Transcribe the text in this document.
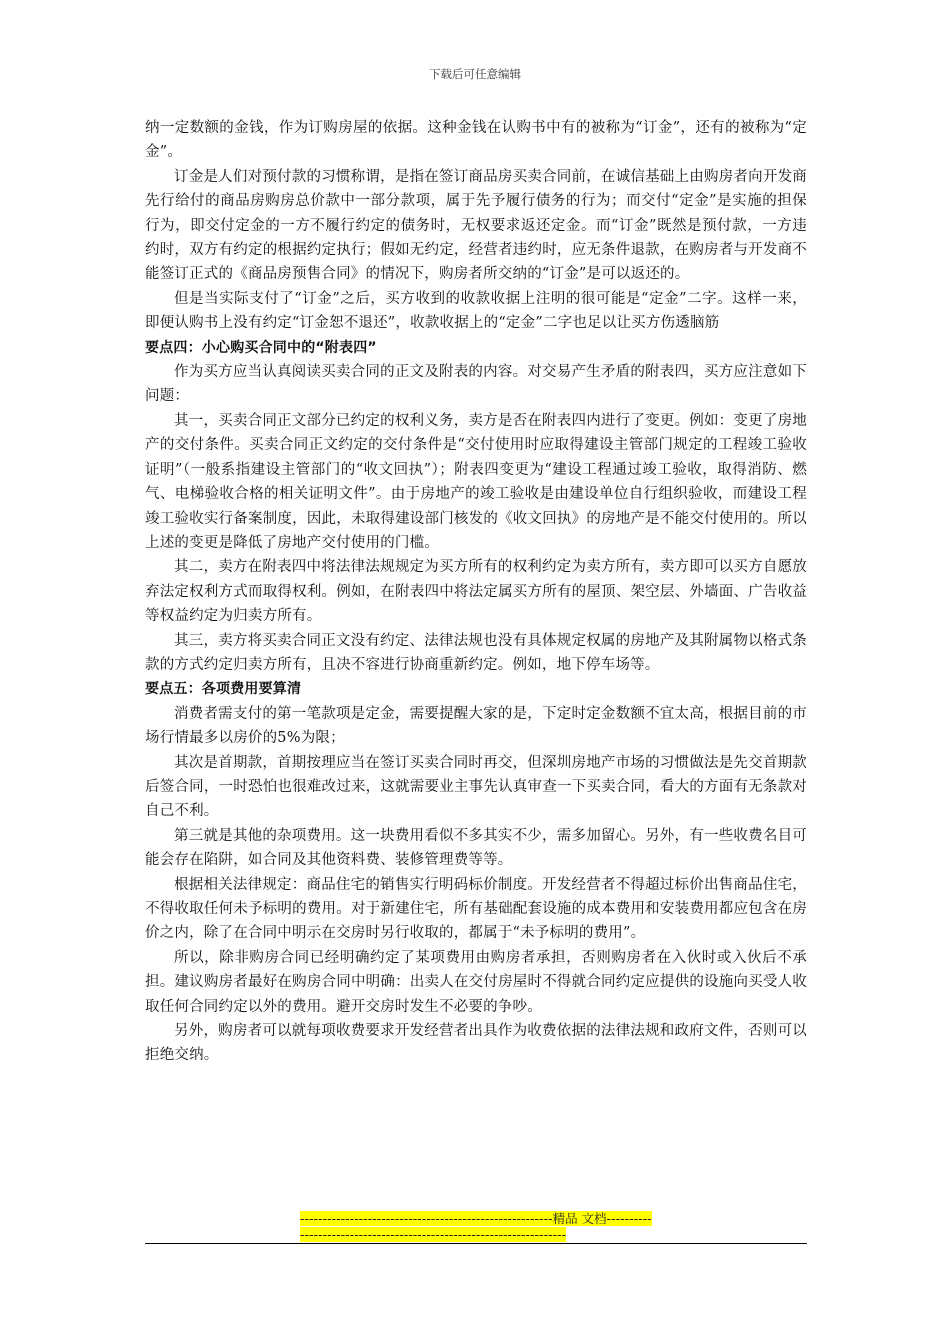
下载后可任意编辑

纳一定数额的金钱，作为订购房屋的依据。这种金钱在认购书中有的被称为“订金”，还有的被称为“定金”。

订金是人们对预付款的习惯称谓，是指在签订商品房买卖合同前，在诚信基础上由购房者向开发商先行给付的商品房购房总价款中一部分款项，属于先予履行债务的行为；而交付“定金”是实施的担保行为，即交付定金的一方不履行约定的债务时，无权要求返还定金。而“订金”既然是预付款，一方违约时，双方有约定的根据约定执行；假如无约定，经营者违约时，应无条件退款，在购房者与开发商不能签订正式的《商品房预售合同》的情况下，购房者所交纳的“订金”是可以返还的。

但是当实际支付了“订金”之后，买方收到的收款收据上注明的很可能是“定金”二字。这样一来，即便认购书上没有约定“订金恕不退还”，收款收据上的“定金”二字也足以让买方伤透脑筋

要点四：小心购买合同中的“附表四”

作为买方应当认真阅读买卖合同的正文及附表的内容。对交易产生矛盾的附表四，买方应注意如下问题：

其一，买卖合同正文部分已约定的权利义务，卖方是否在附表四内进行了变更。例如：变更了房地产的交付条件。买卖合同正文约定的交付条件是“交付使用时应取得建设主管部门规定的工程竣工验收证明”（一般系指建设主管部门的“收文回执”）；附表四变更为“建设工程通过竣工验收，取得消防、燃气、电梯验收合格的相关证明文件”。由于房地产的竣工验收是由建设单位自行组织验收，而建设工程竣工验收实行备案制度，因此，未取得建设部门核发的《收文回执》的房地产是不能交付使用的。所以上述的变更是降低了房地产交付使用的门槛。

其二，卖方在附表四中将法律法规规定为买方所有的权利约定为卖方所有，卖方即可以买方自愿放弃法定权利方式而取得权利。例如，在附表四中将法定属买方所有的屋顶、架空层、外墙面、广告收益等权益约定为归卖方所有。

其三，卖方将买卖合同正文没有约定、法律法规也没有具体规定权属的房地产及其附属物以格式条款的方式约定归卖方所有，且决不容进行协商重新约定。例如，地下停车场等。

要点五：各项费用要算清

消费者需支付的第一笔款项是定金，需要提醒大家的是，下定时定金数额不宜太高，根据目前的市场行情最多以房价的5%为限；

其次是首期款，首期按理应当在签订买卖合同时再交，但深圳房地产市场的习惯做法是先交首期款后签合同，一时恐怕也很难改过来，这就需要业主事先认真审查一下买卖合同，看大的方面有无条款对自己不利。

第三就是其他的杂项费用。这一块费用看似不多其实不少，需多加留心。另外，有一些收费名目可能会存在陷阱，如合同及其他资料费、装修管理费等等。

根据相关法律规定：商品住宅的销售实行明码标价制度。开发经营者不得超过标价出售商品住宅，不得收取任何未予标明的费用。对于新建住宅，所有基础配套设施的成本费用和安装费用都应包含在房价之内，除了在合同中明示在交房时另行收取的，都属于“未予标明的费用”。

所以，除非购房合同已经明确约定了某项费用由购房者承担，否则购房者在入伙时或入伙后不承担。建议购房者最好在购房合同中明确：出卖人在交付房屋时不得就合同约定应提供的设施向买受人收取任何合同约定以外的费用。避开交房时发生不必要的争吵。

另外，购房者可以就每项收费要求开发经营者出具作为收费依据的法律法规和政府文件，否则可以拒绝交纳。

--------------------------------------------------------精品 文档---------------------------------------------------------------------
